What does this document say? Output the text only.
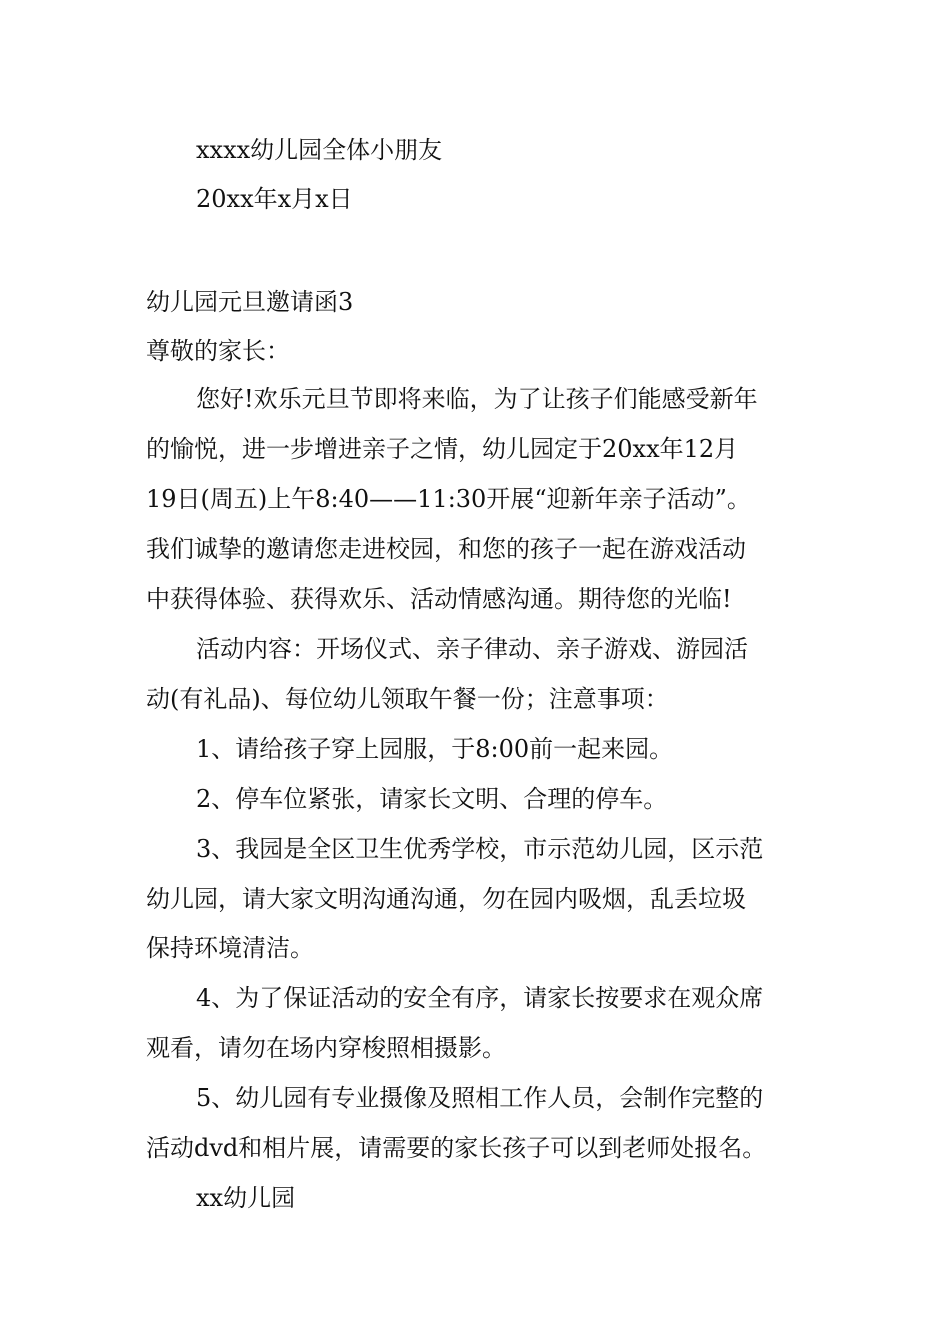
xxxx幼儿园全体小朋友
20xx年x月x日
幼儿园元旦邀请函3
尊敬的家长：
您好!欢乐元旦节即将来临，为了让孩子们能感受新年
的愉悦，进一步增进亲子之情，幼儿园定于20xx年12月
19日(周五)上午8:40——11:30开展“迎新年亲子活动”。
我们诚挚的邀请您走进校园，和您的孩子一起在游戏活动
中获得体验、获得欢乐、活动情感沟通。期待您的光临!
活动内容：开场仪式、亲子律动、亲子游戏、游园活
动(有礼品)、每位幼儿领取午餐一份；注意事项：
1、请给孩子穿上园服，于8:00前一起来园。
2、停车位紧张，请家长文明、合理的停车。
3、我园是全区卫生优秀学校，市示范幼儿园，区示范
幼儿园，请大家文明沟通沟通，勿在园内吸烟，乱丢垃圾
保持环境清洁。
4、为了保证活动的安全有序，请家长按要求在观众席
观看，请勿在场内穿梭照相摄影。
5、幼儿园有专业摄像及照相工作人员，会制作完整的
活动dvd和相片展，请需要的家长孩子可以到老师处报名。
xx幼儿园
